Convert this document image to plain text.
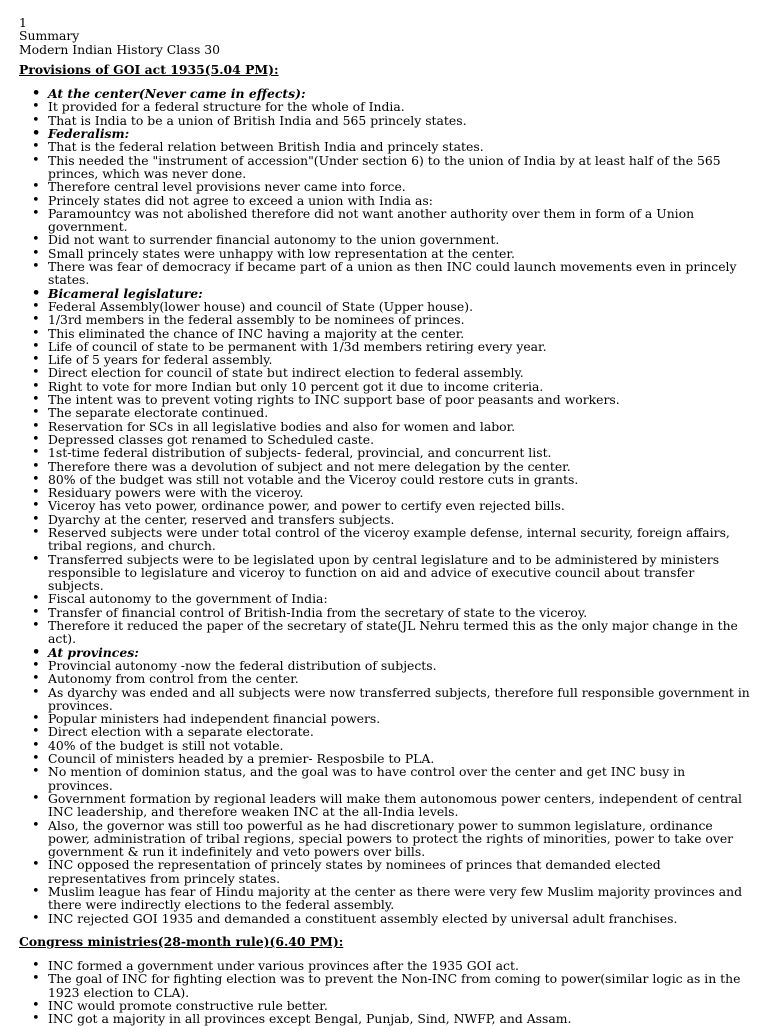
1
Summary
Modern Indian History Class 30
Provisions of GOI act 1935(5.04 PM):
• At the center(Never came in effects):
• It provided for a federal structure for the whole of India.
• That is India to be a union of British India and 565 princely states.
• Federalism:
• That is the federal relation between British India and princely states.
• This needed the "instrument of accession"(Under section 6) to the union of India by at least half of the 565 princes, which was never done.
• Therefore central level provisions never came into force.
• Princely states did not agree to exceed a union with India as:
• Paramountcy was not abolished therefore did not want another authority over them in form of a Union government.
• Did not want to surrender financial autonomy to the union government.
• Small princely states were unhappy with low representation at the center.
• There was fear of democracy if became part of a union as then INC could launch movements even in princely states.
• Bicameral legislature:
• Federal Assembly(lower house) and council of State (Upper house).
• 1/3rd members in the federal assembly to be nominees of princes.
• This eliminated the chance of INC having a majority at the center.
• Life of council of state to be permanent with 1/3d members retiring every year.
• Life of 5 years for federal assembly.
• Direct election for council of state but indirect election to federal assembly.
• Right to vote for more Indian but only 10 percent got it due to income criteria.
• The intent was to prevent voting rights to INC support base of poor peasants and workers.
• The separate electorate continued.
• Reservation for SCs in all legislative bodies and also for women and labor.
• Depressed classes got renamed to Scheduled caste.
• 1st-time federal distribution of subjects- federal, provincial, and concurrent list.
• Therefore there was a devolution of subject and not mere delegation by the center.
• 80% of the budget was still not votable and the Viceroy could restore cuts in grants.
• Residuary powers were with the viceroy.
• Viceroy has veto power, ordinance power, and power to certify even rejected bills.
• Dyarchy at the center, reserved and transfers subjects.
• Reserved subjects were under total control of the viceroy example defense, internal security, foreign affairs, tribal regions, and church.
• Transferred subjects were to be legislated upon by central legislature and to be administered by ministers responsible to legislature and viceroy to function on aid and advice of executive council about transfer subjects.
• Fiscal autonomy to the government of India:
• Transfer of financial control of British-India from the secretary of state to the viceroy.
• Therefore it reduced the paper of the secretary of state(JL Nehru termed this as the only major change in the act).
• At provinces:
• Provincial autonomy -now the federal distribution of subjects.
• Autonomy from control from the center.
• As dyarchy was ended and all subjects were now transferred subjects, therefore full responsible government in provinces.
• Popular ministers had independent financial powers.
• Direct election with a separate electorate.
• 40% of the budget is still not votable.
• Council of ministers headed by a premier- Resposbile to PLA.
• No mention of dominion status, and the goal was to have control over the center and get INC busy in provinces.
• Government formation by regional leaders will make them autonomous power centers, independent of central INC leadership, and therefore weaken INC at the all-India levels.
• Also, the governor was still too powerful as he had discretionary power to summon legislature, ordinance power, administration of tribal regions, special powers to protect the rights of minorities, power to take over government & run it indefinitely and veto powers over bills.
• INC opposed the representation of princely states by nominees of princes that demanded elected representatives from princely states.
• Muslim league has fear of Hindu majority at the center as there were very few Muslim majority provinces and there were indirectly elections to the federal assembly.
• INC rejected GOI 1935 and demanded a constituent assembly elected by universal adult franchises.
Congress ministries(28-month rule)(6.40 PM):
• INC formed a government under various provinces after the 1935 GOI act.
• The goal of INC for fighting election was to prevent the Non-INC from coming to power(similar logic as in the 1923 election to CLA).
• INC would promote constructive rule better.
• INC got a majority in all provinces except Bengal, Punjab, Sind, NWFP, and Assam.
